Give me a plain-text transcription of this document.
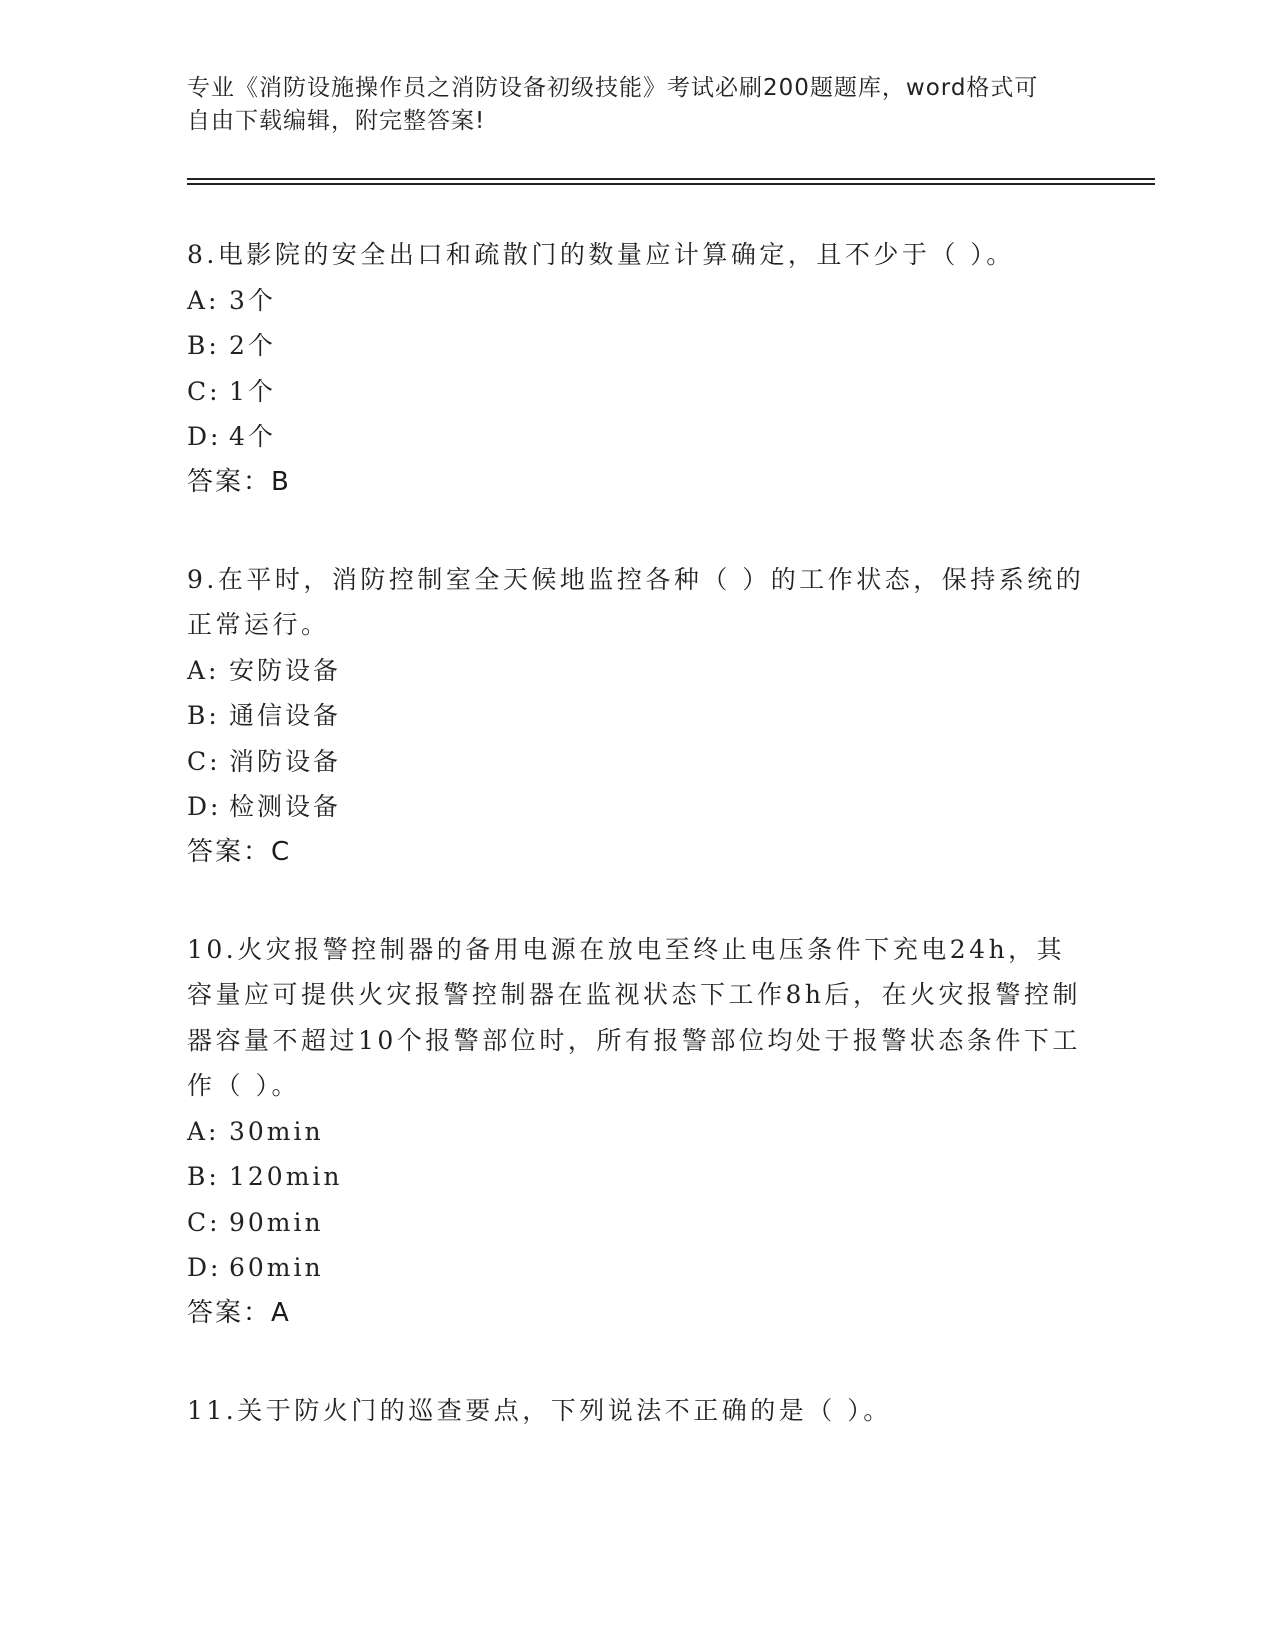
专业《消防设施操作员之消防设备初级技能》考试必刷200题题库，word格式可
自由下载编辑，附完整答案!

8.电影院的安全出口和疏散门的数量应计算确定，且不少于（ ）。

A: 3个

B: 2个

C: 1个

D: 4个

答案：B

9.在平时，消防控制室全天候地监控各种（ ）的工作状态，保持系统的正常运行。

A: 安防设备

B: 通信设备

C: 消防设备

D: 检测设备

答案：C

10.火灾报警控制器的备用电源在放电至终止电压条件下充电24h，其容量应可提供火灾报警控制器在监视状态下工作8h后，在火灾报警控制器容量不超过10个报警部位时，所有报警部位均处于报警状态条件下工作（ ）。

A: 30min

B: 120min

C: 90min

D: 60min

答案：A

11.关于防火门的巡查要点，下列说法不正确的是（ ）。
